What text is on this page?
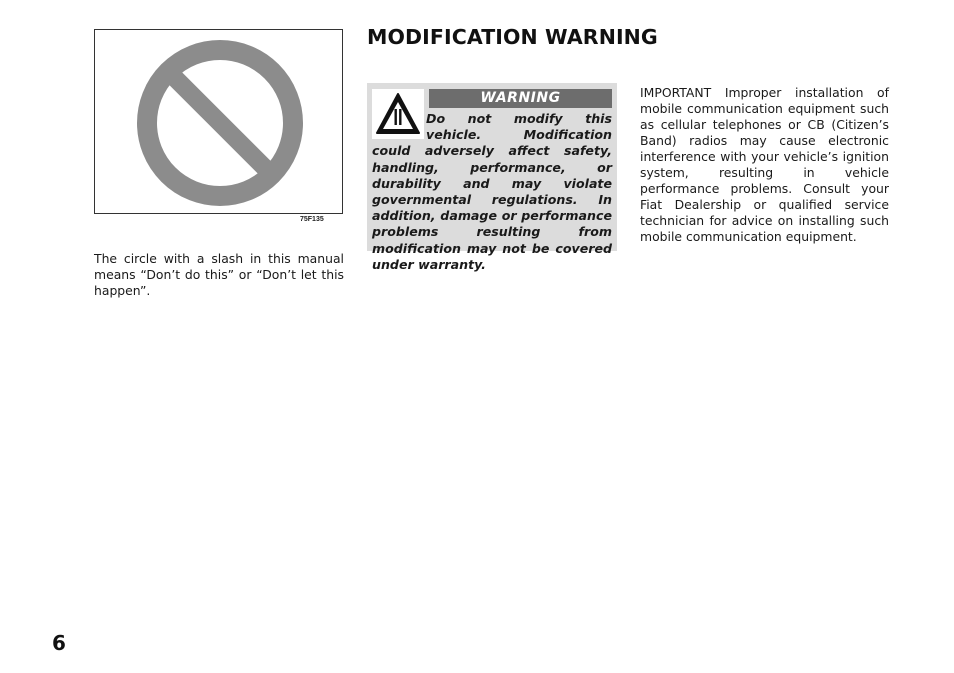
75F135
The circle with a slash in this manual means “Don’t do this” or “Don’t let this happen”.
MODIFICATION WARNING
WARNING
Do not modify this vehicle. Modification could adversely affect safety, handling, performance, or durability and may violate governmental regulations. In addition, damage or performance problems resulting from modification may not be covered under warranty.
IMPORTANT Improper installation of mobile communication equipment such as cellular telephones or CB (Citizen’s Band) radios may cause electronic interference with your vehicle’s ignition system, resulting in vehicle performance problems. Consult your Fiat Dealership or qualified service technician for advice on installing such mobile communication equipment.
6
